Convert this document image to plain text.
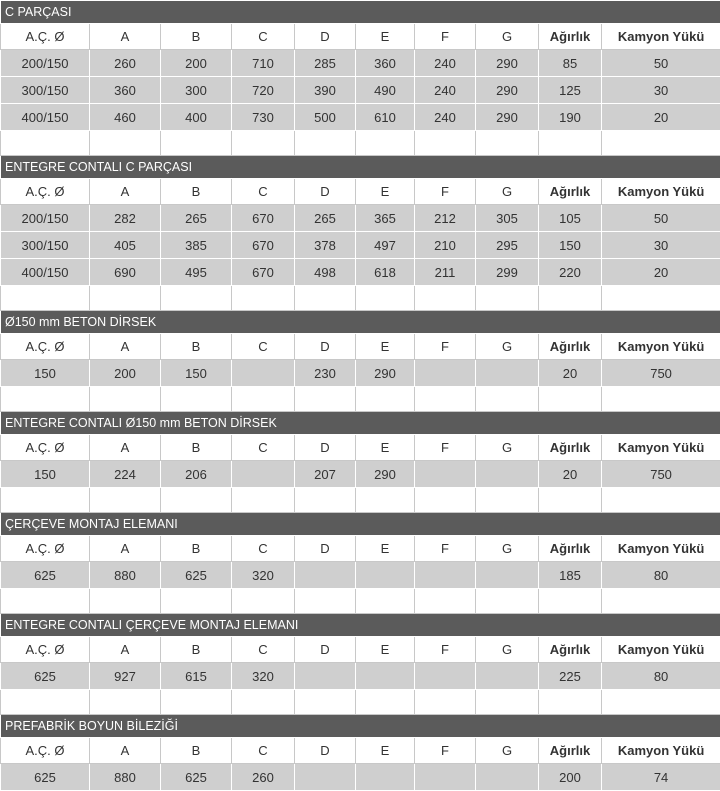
C PARÇASI									
A.Ç. Ø	A	B	C	D	E	F	G	Ağırlık	Kamyon Yükü
200/150	260	200	710	285	360	240	290	85	50
300/150	360	300	720	390	490	240	290	125	30
400/150	460	400	730	500	610	240	290	190	20

ENTEGRE CONTALI C PARÇASI									
A.Ç. Ø	A	B	C	D	E	F	G	Ağırlık	Kamyon Yükü
200/150	282	265	670	265	365	212	305	105	50
300/150	405	385	670	378	497	210	295	150	30
400/150	690	495	670	498	618	211	299	220	20

Ø150 mm BETON DİRSEK									
A.Ç. Ø	A	B	C	D	E	F	G	Ağırlık	Kamyon Yükü
150	200	150		230	290			20	750

ENTEGRE CONTALI Ø150 mm BETON DİRSEK									
A.Ç. Ø	A	B	C	D	E	F	G	Ağırlık	Kamyon Yükü
150	224	206		207	290			20	750

ÇERÇEVE MONTAJ ELEMANI									
A.Ç. Ø	A	B	C	D	E	F	G	Ağırlık	Kamyon Yükü
625	880	625	320					185	80

ENTEGRE CONTALI ÇERÇEVE MONTAJ ELEMANI									
A.Ç. Ø	A	B	C	D	E	F	G	Ağırlık	Kamyon Yükü
625	927	615	320					225	80

PREFABRİK BOYUN BİLEZİĞİ									
A.Ç. Ø	A	B	C	D	E	F	G	Ağırlık	Kamyon Yükü
625	880	625	260					200	74
